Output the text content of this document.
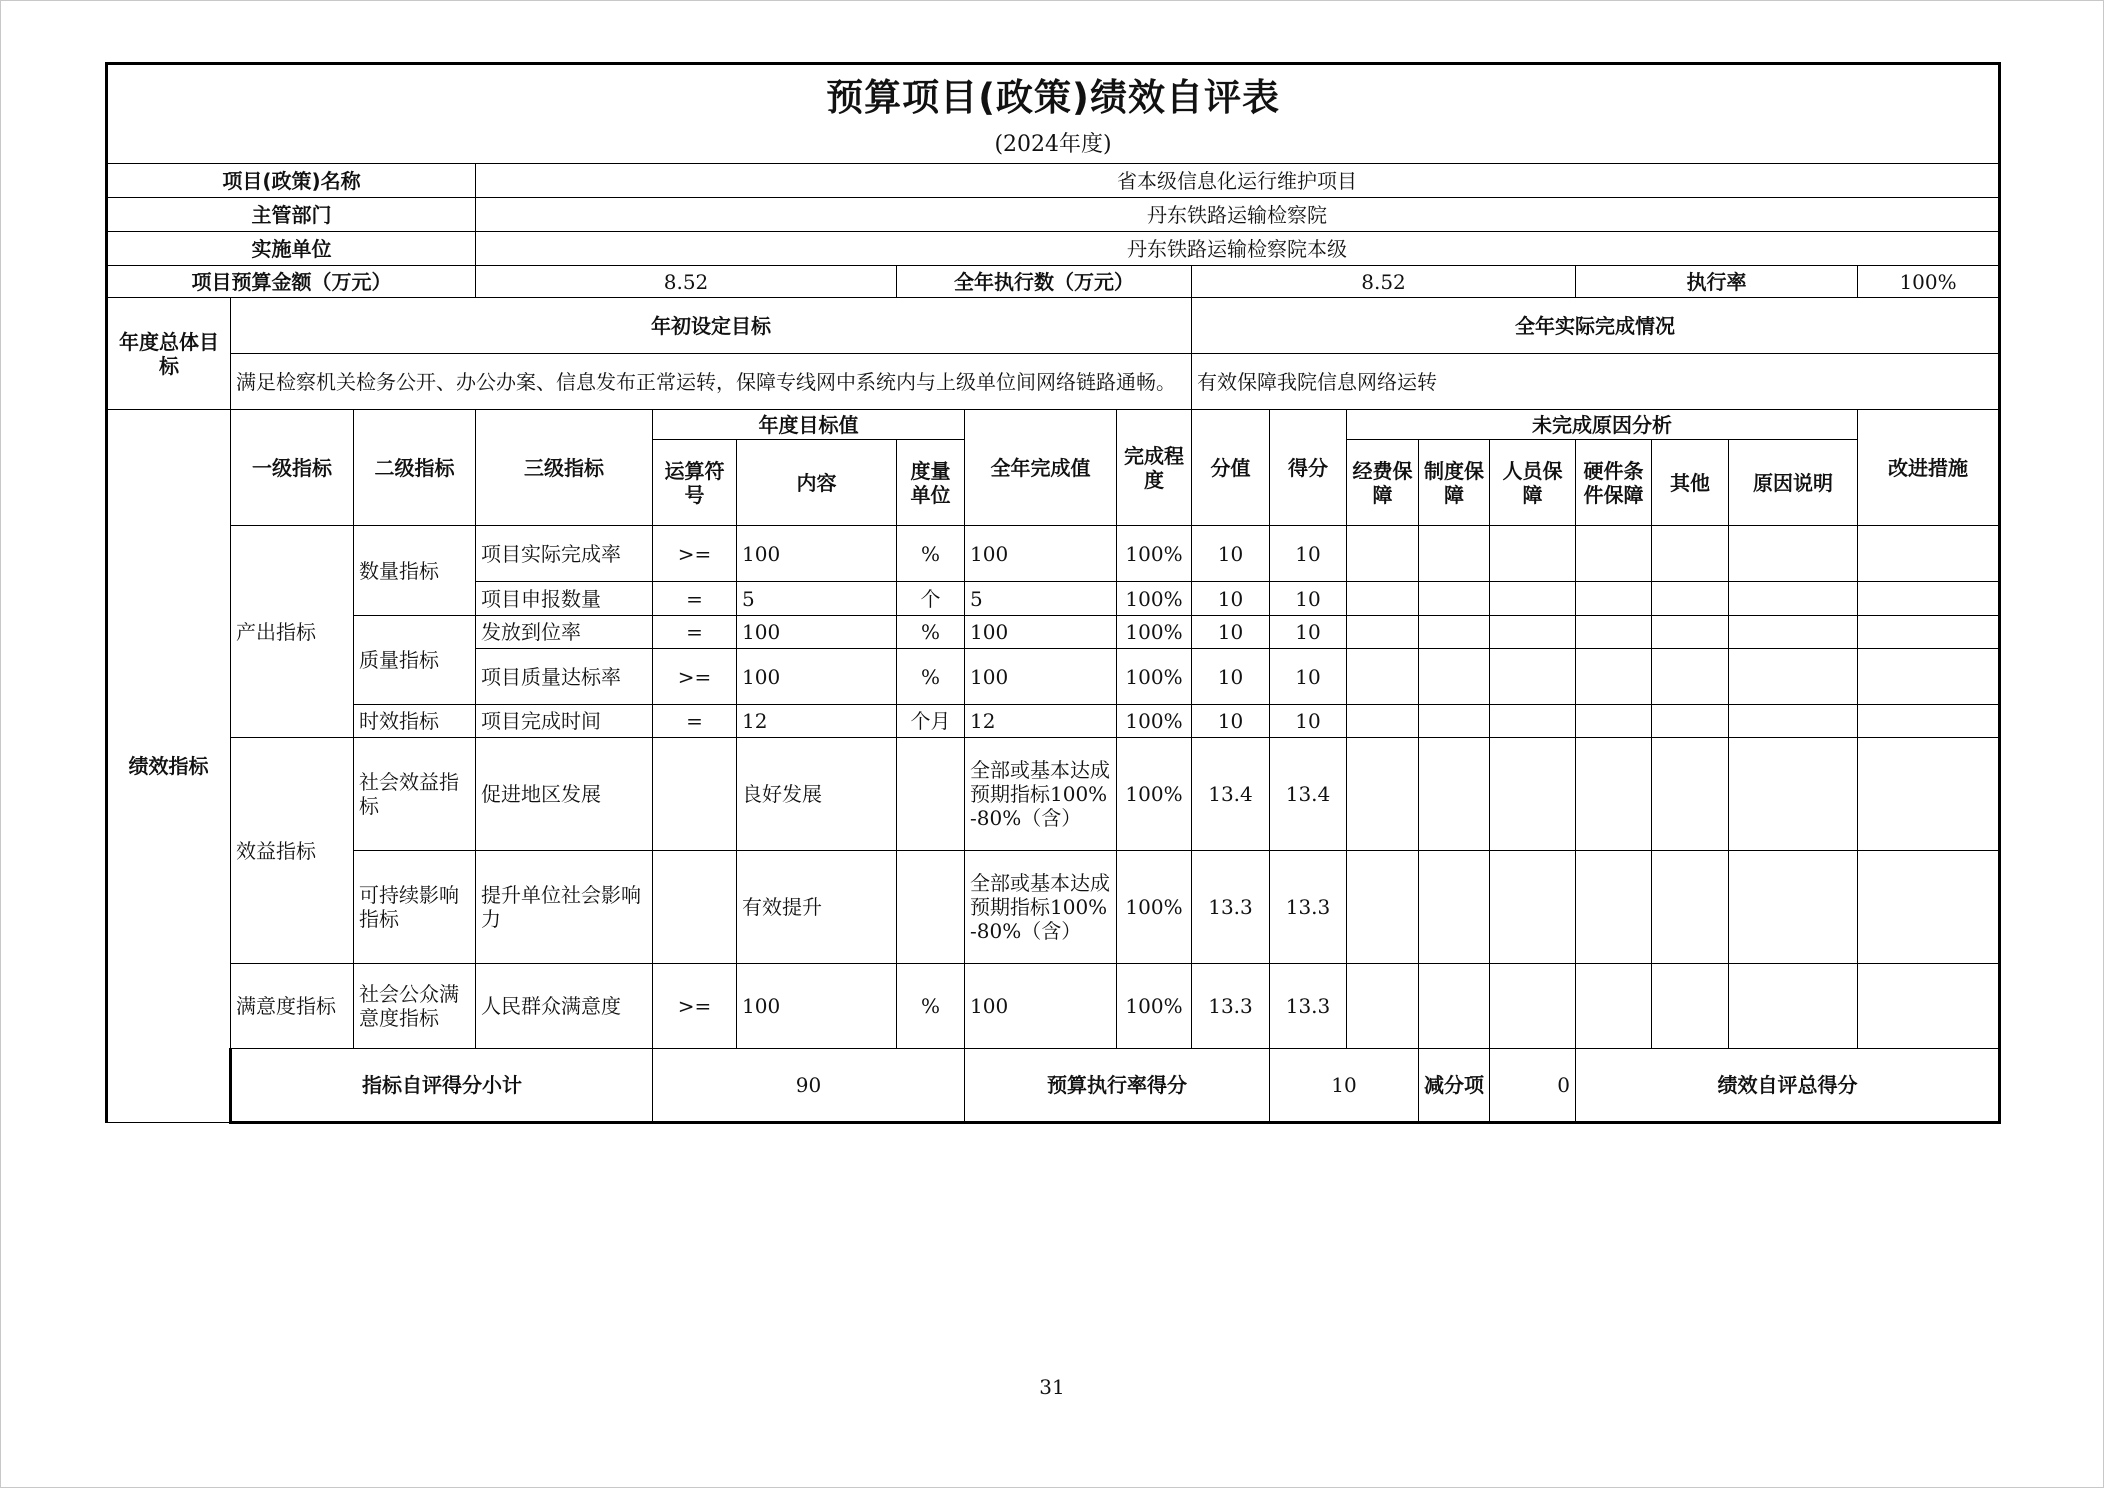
预算项目(政策)绩效自评表
(2024年度)																		

项目(政策)名称			省本级信息化运行维护项目															
主管部门			丹东铁路运输检察院															
实施单位			丹东铁路运输检察院本级															
项目预算金额（万元）			8.52			全年执行数（万元）			8.52					执行率			100%	
年度总体目标	年初设定目标								全年实际完成情况									
	满足检察机关检务公开、办公办案、信息发布正常运转，保障专线网中系统内与上级单位间网络链路通畅。								有效保障我院信息网络运转									
绩效指标	一级指标	二级指标	三级指标	年度目标值			全年完成值	完成程度	分值	得分	未完成原因分析						改进措施	
				运算符号	内容	度量单位					经费保障	制度保障	人员保障	硬件条件保障	其他	原因说明		
	产出指标	数量指标	项目实际完成率	>=	100	%	100	100%	10	10								
			项目申报数量	=	5	个	5	100%	10	10								
		质量指标	发放到位率	=	100	%	100	100%	10	10								
			项目质量达标率	>=	100	%	100	100%	10	10								
		时效指标	项目完成时间	=	12	个月	12	100%	10	10								
	效益指标	社会效益指标	促进地区发展		良好发展		全部或基本达成预期指标100%-80%（含）	100%	13.4	13.4								
		可持续影响指标	提升单位社会影响力		有效提升		全部或基本达成预期指标100%-80%（含）	100%	13.3	13.3								
	满意度指标	社会公众满意度指标	人民群众满意度	>=	100	%	100	100%	13.3	13.3								
	指标自评得分小计			90			预算执行率得分			10		减分项	0	绩效自评总得分	
31
